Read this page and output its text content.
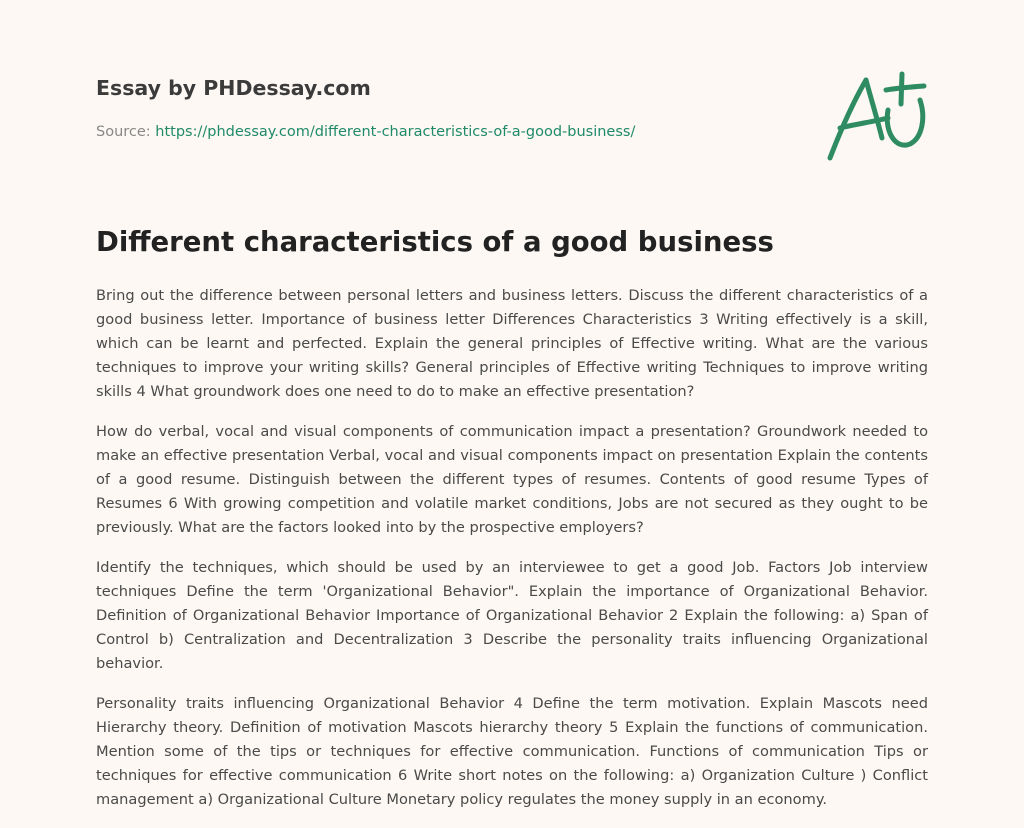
Essay by PHDessay.com
Source: https://phdessay.com/different-characteristics-of-a-good-business/
Different characteristics of a good business

Bring out the difference between personal letters and business letters. Discuss the different characteristics of a good business letter. Importance of business letter Differences Characteristics 3 Writing effectively is a skill, which can be learnt and perfected. Explain the general principles of Effective writing. What are the various techniques to improve your writing skills? General principles of Effective writing Techniques to improve writing skills 4 What groundwork does one need to do to make an effective presentation?

How do verbal, vocal and visual components of communication impact a presentation? Groundwork needed to make an effective presentation Verbal, vocal and visual components impact on presentation Explain the contents of a good resume. Distinguish between the different types of resumes. Contents of good resume Types of Resumes 6 With growing competition and volatile market conditions, Jobs are not secured as they ought to be previously. What are the factors looked into by the prospective employers?

Identify the techniques, which should be used by an interviewee to get a good Job. Factors Job interview techniques Define the term 'Organizational Behavior". Explain the importance of Organizational Behavior. Definition of Organizational Behavior Importance of Organizational Behavior 2 Explain the following: a) Span of Control b) Centralization and Decentralization 3 Describe the personality traits influencing Organizational behavior.

Personality traits influencing Organizational Behavior 4 Define the term motivation. Explain Mascots need Hierarchy theory. Definition of motivation Mascots hierarchy theory 5 Explain the functions of communication. Mention some of the tips or techniques for effective communication. Functions of communication Tips or techniques for effective communication 6 Write short notes on the following: a) Organization Culture ) Conflict management a) Organizational Culture Monetary policy regulates the money supply in an economy.
